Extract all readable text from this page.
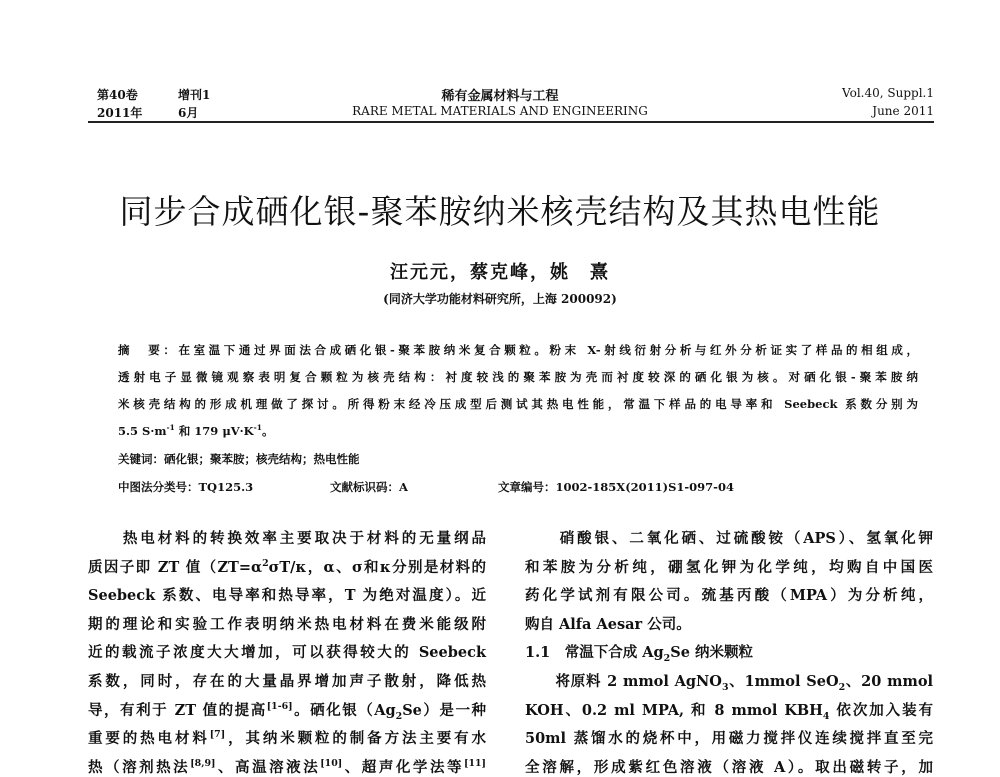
第40卷	增刊1
2011年	6月
稀有金属材料与工程
RARE METAL MATERIALS AND ENGINEERING
Vol.40, Suppl.1
June 2011
同步合成硒化银-聚苯胺纳米核壳结构及其热电性能
汪元元，蔡克峰，姚　熹
(同济大学功能材料研究所，上海 200092)
摘　要：在室温下通过界面法合成硒化银-聚苯胺纳米复合颗粒。粉末 X-射线衍射分析与红外分析证实了样品的相组成，
透射电子显微镜观察表明复合颗粒为核壳结构：衬度较浅的聚苯胺为壳而衬度较深的硒化银为核。对硒化银-聚苯胺纳
米核壳结构的形成机理做了探讨。所得粉末经冷压成型后测试其热电性能，常温下样品的电导率和 Seebeck 系数分别为
5.5 $S\cdot m^{-1}$ 和 179 $\mu V\cdot K^{-1}$。
关键词：硒化银；聚苯胺；核壳结构；热电性能
中图法分类号：TQ125.3	文献标识码：A	文章编号：1002-185X(2011)S1-097-04
　　热电材料的转换效率主要取决于材料的无量纲品
质因子即 ZT 值（$ZT=\alpha^2\sigma T/\kappa$，α、σ和κ分别是材料的
Seebeck 系数、电导率和热导率，T 为绝对温度）。近
期的理论和实验工作表明纳米热电材料在费米能级附
近的载流子浓度大大增加，可以获得较大的 Seebeck
系数，同时，存在的大量晶界增加声子散射，降低热
导，有利于 ZT 值的提高[1-6]。硒化银$(Ag_2Se)$是一种
重要的热电材料[7]，其纳米颗粒的制备方法主要有水
热（溶剂热法[8,9]、高温溶液法[10]、超声化学法等[11]
　　硝酸银、二氧化硒、过硫酸铵（APS）、氢氧化钾
和苯胺为分析纯，硼氢化钾为化学纯，均购自中国医
药化学试剂有限公司。巯基丙酸（MPA）为分析纯，
购自 Alfa Aesar 公司。
1.1　常温下合成 $Ag_2Se$ 纳米颗粒
　　将原料 2 mmol AgNO$_3$、1mmol SeO$_2$、20 mmol
KOH、0.2 ml MPA, 和 8 mmol $KBH_4$ 依次加入装有
50ml 蒸馏水的烧杯中，用磁力搅拌仪连续搅拌直至完
全溶解，形成紫红色溶液（溶液 A）。取出磁转子，加
